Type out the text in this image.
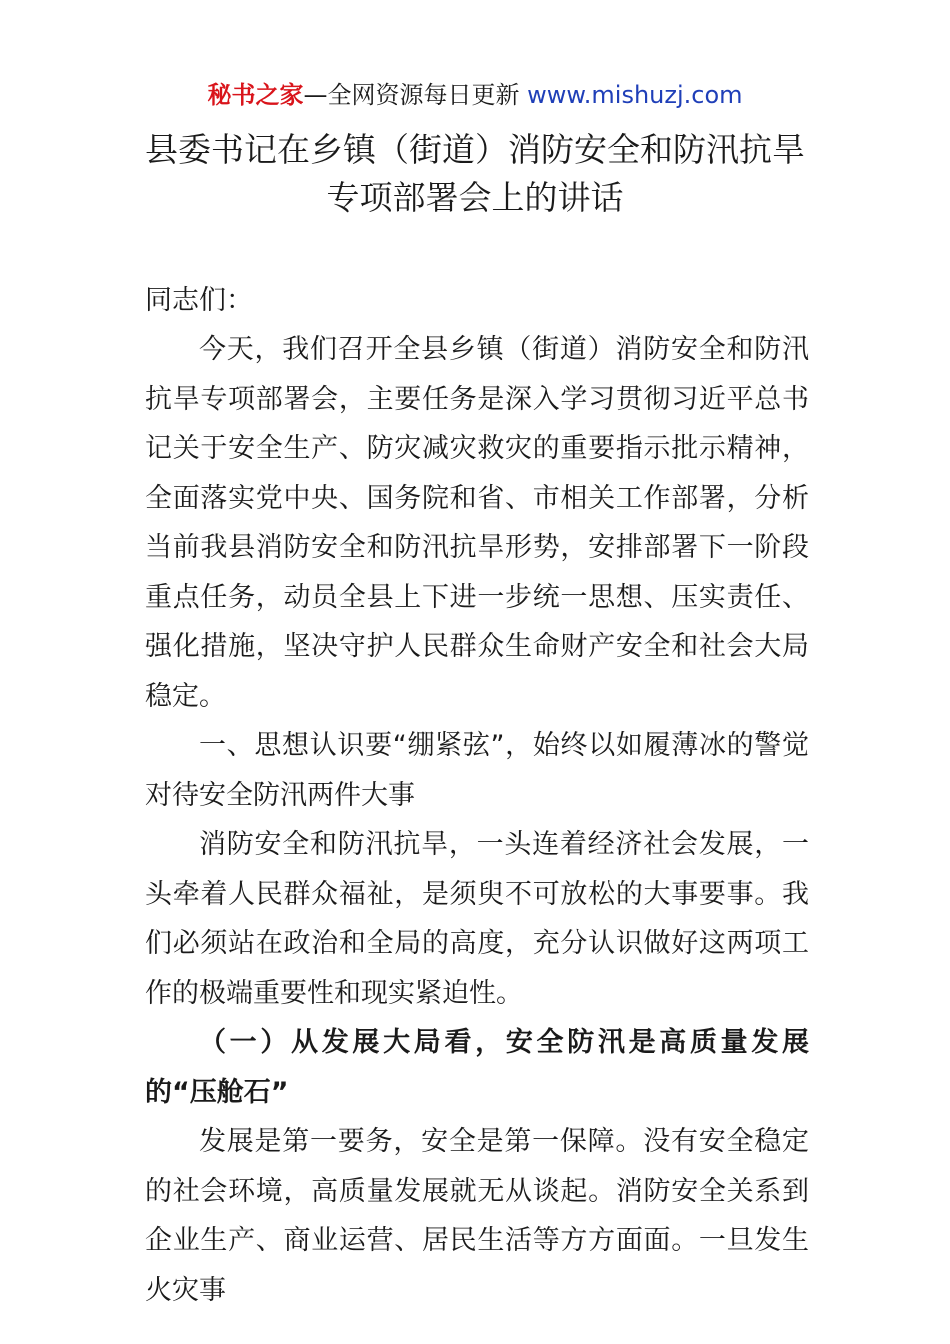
秘书之家—全网资源每日更新 www.mishuzj.com
县委书记在乡镇（街道）消防安全和防汛抗旱
专项部署会上的讲话
同志们：

今天，我们召开全县乡镇（街道）消防安全和防汛抗旱专项部署会，主要任务是深入学习贯彻习近平总书记关于安全生产、防灾减灾救灾的重要指示批示精神，全面落实党中央、国务院和省、市相关工作部署，分析当前我县消防安全和防汛抗旱形势，安排部署下一阶段重点任务，动员全县上下进一步统一思想、压实责任、强化措施，坚决守护人民群众生命财产安全和社会大局稳定。

一、思想认识要“绷紧弦”，始终以如履薄冰的警觉对待安全防汛两件大事

消防安全和防汛抗旱，一头连着经济社会发展，一头牵着人民群众福祉，是须臾不可放松的大事要事。我们必须站在政治和全局的高度，充分认识做好这两项工作的极端重要性和现实紧迫性。

（一）从发展大局看，安全防汛是高质量发展的“压舱石”

发展是第一要务，安全是第一保障。没有安全稳定的社会环境，高质量发展就无从谈起。消防安全关系到企业生产、商业运营、居民生活等方方面面。一旦发生火灾事
